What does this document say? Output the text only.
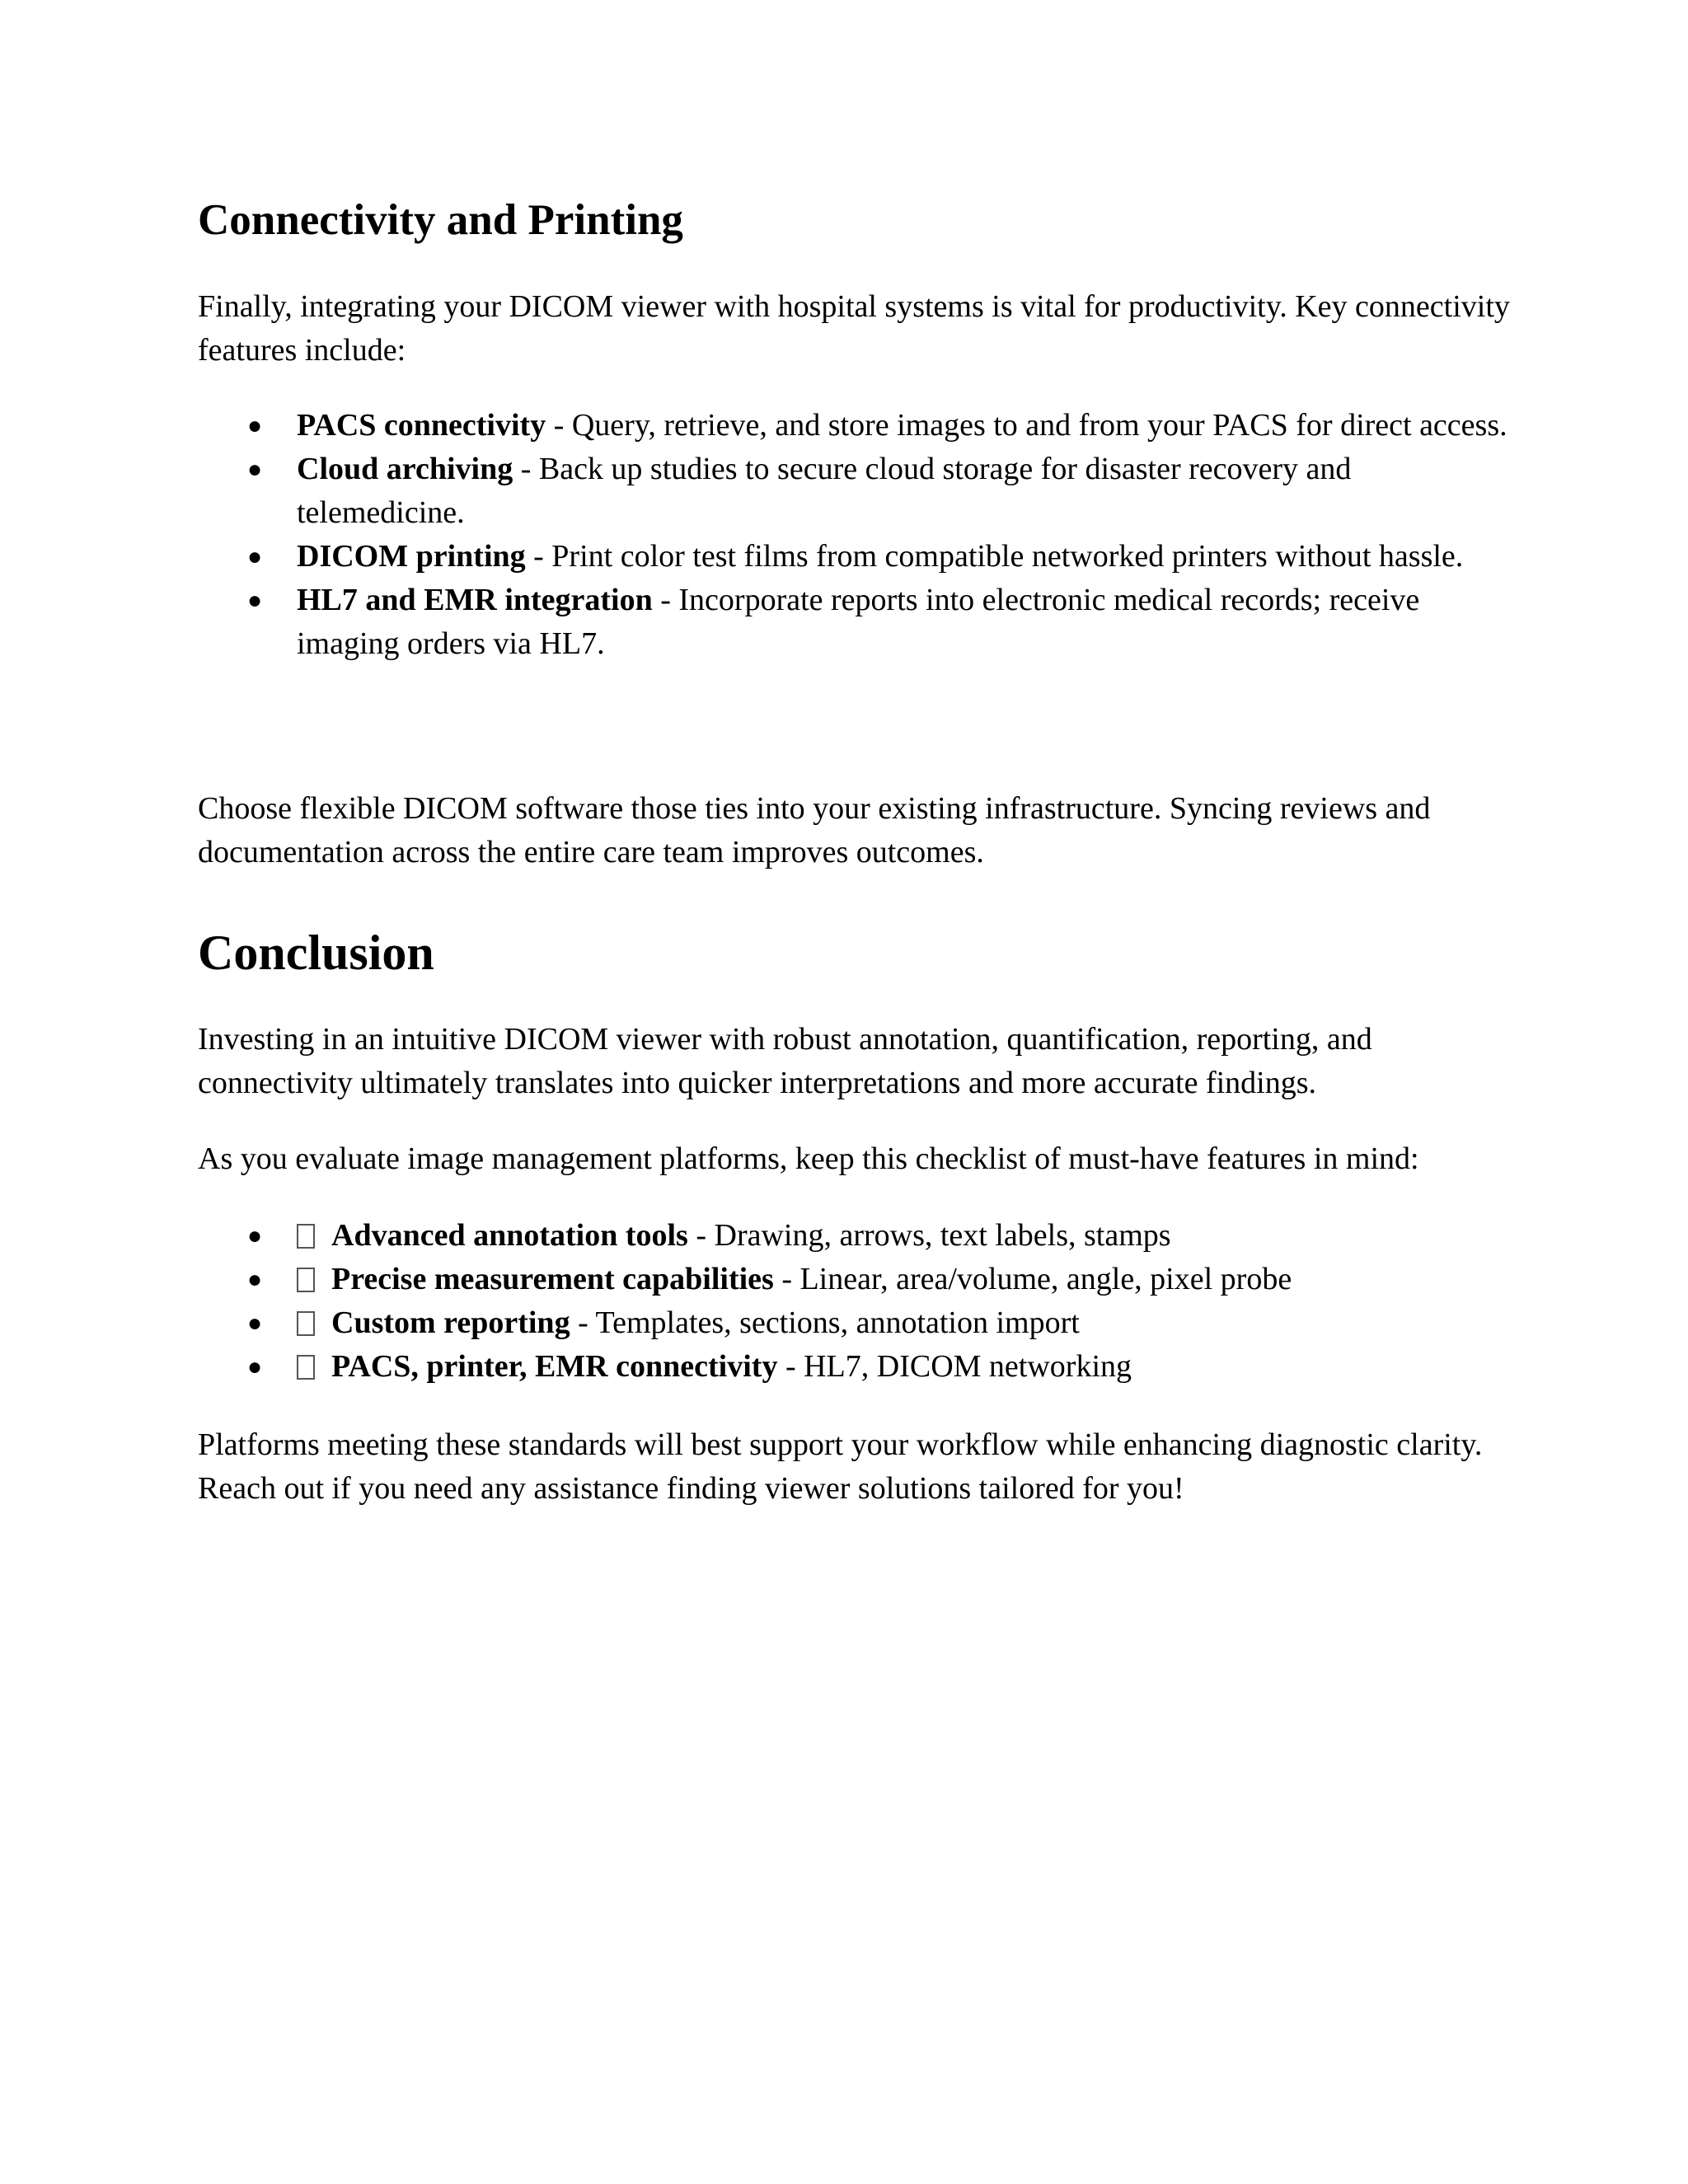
Connectivity and Printing

Finally, integrating your DICOM viewer with hospital systems is vital for productivity. Key connectivity features include:

● PACS connectivity - Query, retrieve, and store images to and from your PACS for direct access.
● Cloud archiving - Back up studies to secure cloud storage for disaster recovery and telemedicine.
● DICOM printing - Print color test films from compatible networked printers without hassle.
● HL7 and EMR integration - Incorporate reports into electronic medical records; receive imaging orders via HL7.

Choose flexible DICOM software those ties into your existing infrastructure. Syncing reviews and documentation across the entire care team improves outcomes.

Conclusion

Investing in an intuitive DICOM viewer with robust annotation, quantification, reporting, and connectivity ultimately translates into quicker interpretations and more accurate findings.

As you evaluate image management platforms, keep this checklist of must-have features in mind:

● Advanced annotation tools - Drawing, arrows, text labels, stamps
● Precise measurement capabilities - Linear, area/volume, angle, pixel probe
● Custom reporting - Templates, sections, annotation import
● PACS, printer, EMR connectivity - HL7, DICOM networking

Platforms meeting these standards will best support your workflow while enhancing diagnostic clarity. Reach out if you need any assistance finding viewer solutions tailored for you!
